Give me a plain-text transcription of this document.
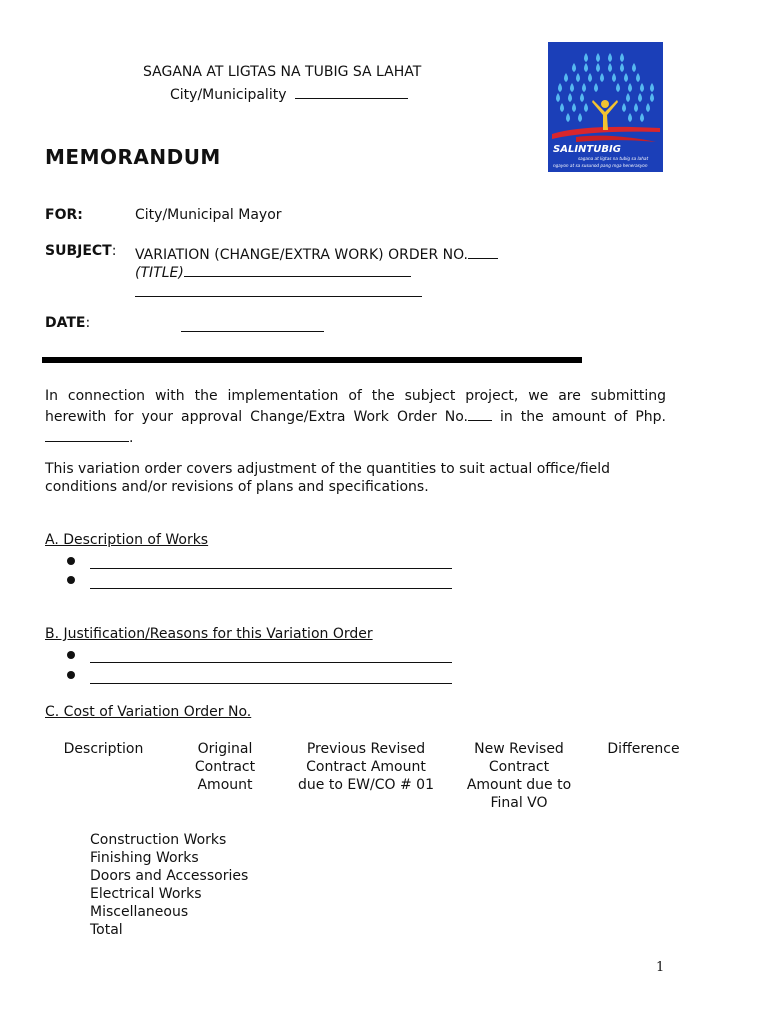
SAGANA AT LIGTAS NA TUBIG SA LAHAT
City/Municipality
SALINTUBIG
sagana at ligtas na tubig sa lahat
ngayon at sa susunod pang mga henerasyon
MEMORANDUM
FOR:	City/Municipal Mayor
SUBJECT: VARIATION (CHANGE/EXTRA WORK) ORDER NO.
(TITLE)
DATE:
In connection with the implementation of the subject project, we are submitting herewith for your approval Change/Extra Work Order No. in the amount of Php..
This variation order covers adjustment of the quantities to suit actual office/field conditions and/or revisions of plans and specifications.
A. Description of Works
B. Justification/Reasons for this Variation Order
C. Cost of Variation Order No.
Description	Original
Contract
Amount
Previous Revised
Contract Amount
due to EW/CO # 01
New Revised
Contract
Amount due to
Final VO
Difference
Construction Works
Finishing Works
Doors and Accessories
Electrical Works
Miscellaneous
Total
1
